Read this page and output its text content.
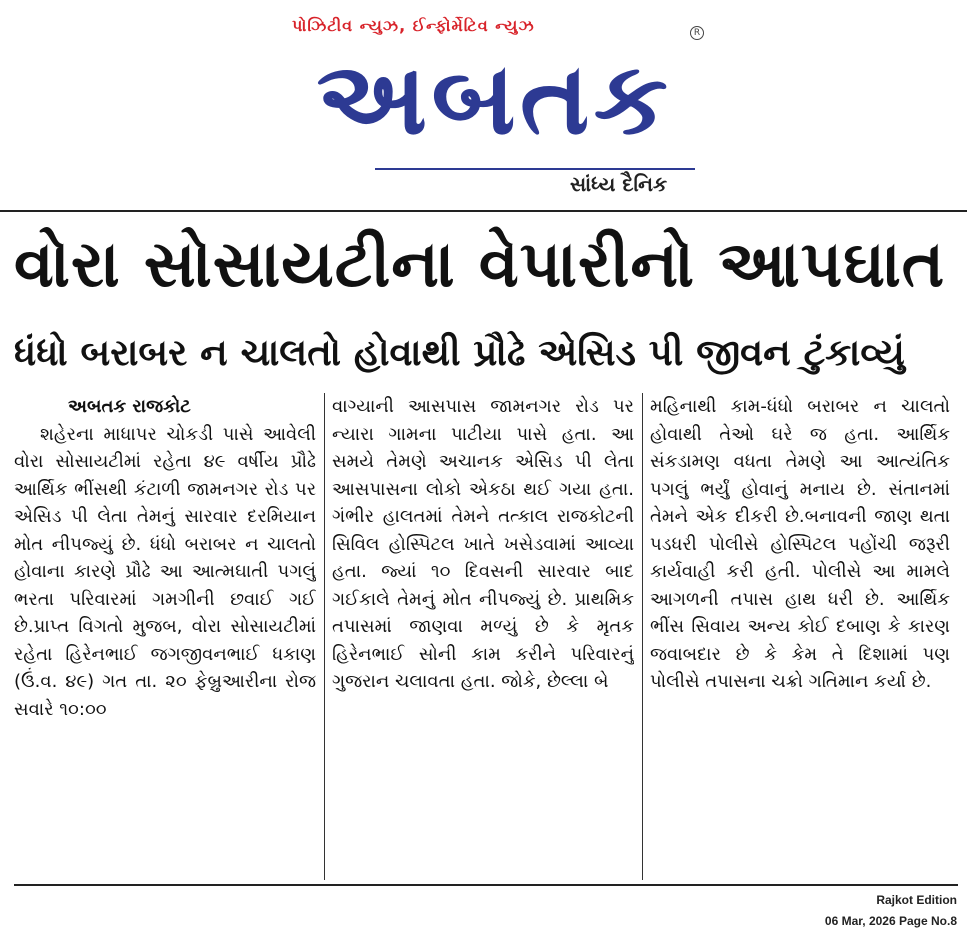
પોઝિટીવ ન્યુઝ, ઈન્ફોર્મેટિવ ન્યુઝ	R
અબતક
સાંધ્ય દૈનિક
વોરા સોસાયટીના વેપારીનો આપઘાત
ધંધો બરાબર ન ચાલતો હોવાથી પ્રૌઢે એસિડ પી જીવન ટુંકાવ્યું
અબતક રાજકોટ
શહેરના માધાપર ચોકડી પાસે આવેલી વોરા સોસાયટીમાં રહેતા ૪૯ વર્ષીય પ્રૌઢે આર્થિક ભીંસથી કંટાળી જામનગર રોડ પર એસિડ પી લેતા તેમનું સારવાર દરમિયાન મોત નીપજ્યું છે. ધંધો બરાબર ન ચાલતો હોવાના કારણે પ્રૌઢે આ આત્મઘાતી પગલું ભરતા પરિવારમાં ગમગીની છવાઈ ગઈ છે.પ્રાપ્ત વિગતો મુજબ, વોરા સોસાયટીમાં રહેતા હિરેનભાઈ જગજીવનભાઈ ધકાણ (ઉં.વ. ૪૯) ગત તા. ૨૦ ફેબ્રુઆરીના રોજ સવારે ૧૦:૦૦
વાગ્યાની આસપાસ જામનગર રોડ પર ન્યારા ગામના પાટીયા પાસે હતા. આ સમયે તેમણે અચાનક એસિડ પી લેતા આસપાસના લોકો એકઠા થઈ ગયા હતા. ગંભીર હાલતમાં તેમને તત્કાલ રાજકોટની સિવિલ હોસ્પિટલ ખાતે ખસેડવામાં આવ્યા હતા. જ્યાં ૧૦ દિવસની સારવાર બાદ ગઈકાલે તેમનું મોત નીપજ્યું છે. પ્રાથમિક તપાસમાં જાણવા મળ્યું છે કે મૃતક હિરેનભાઈ સોની કામ કરીને પરિવારનું ગુજરાન ચલાવતા હતા. જોકે, છેલ્લા બે
મહિનાથી કામ-ધંધો બરાબર ન ચાલતો હોવાથી તેઓ ઘરે જ હતા. આર્થિક સંકડામણ વધતા તેમણે આ આત્યંતિક પગલું ભર્યું હોવાનું મનાય છે. સંતાનમાં તેમને એક દીકરી છે.બનાવની જાણ થતા પડધરી પોલીસે હોસ્પિટલ પહોંચી જરૂરી કાર્યવાહી કરી હતી. પોલીસે આ મામલે આગળની તપાસ હાથ ધરી છે. આર્થિક ભીંસ સિવાય અન્ય કોઈ દબાણ કે કારણ જવાબદાર છે કે કેમ તે દિશામાં પણ પોલીસે તપાસના ચક્રો ગતિમાન કર્યા છે.
Rajkot Edition
06 Mar, 2026 Page No.8
